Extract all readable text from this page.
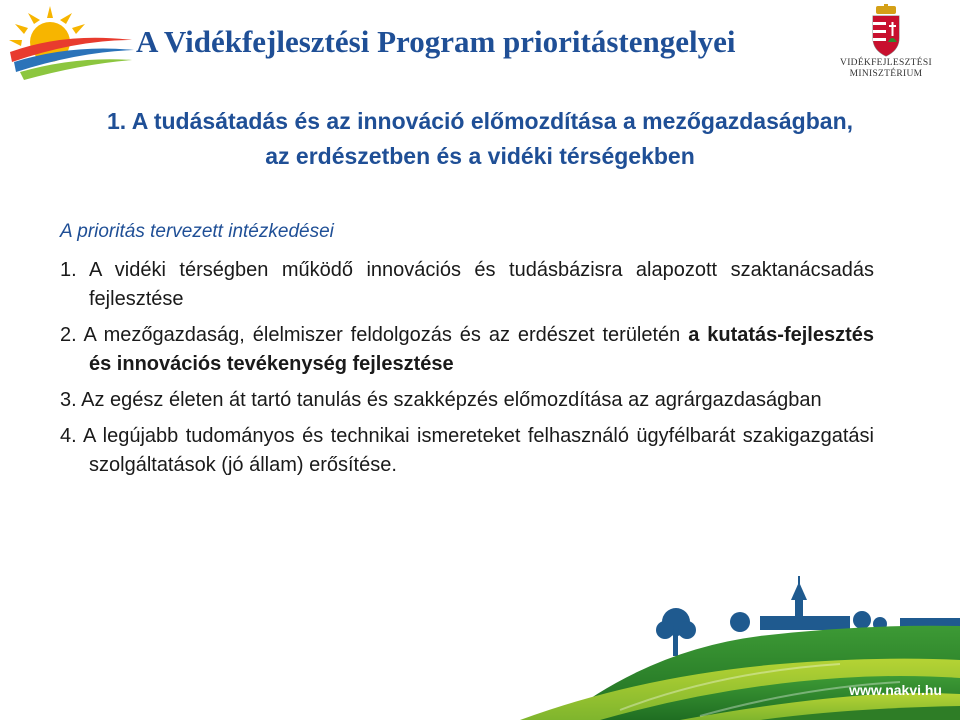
A Vidékfejlesztési Program prioritástengelyei
VIDÉKFEJLESZTÉSI
MINISZTÉRIUM
1. A tudásátadás és az innováció előmozdítása a mezőgazdaságban,
az erdészetben és a vidéki térségekben
A prioritás tervezett intézkedései
1. A vidéki térségben működő innovációs és tudásbázisra alapozott szaktanácsadás fejlesztése
2. A mezőgazdaság, élelmiszer feldolgozás és az erdészet területén a kutatás-fejlesztés és innovációs tevékenység fejlesztése
3. Az egész életen át tartó tanulás és szakképzés előmozdítása az agrárgazdaságban
4. A legújabb tudományos és technikai ismereteket felhasználó ügyfélbarát szakigazgatási szolgáltatások (jó állam) erősítése.
www.nakvi.hu
